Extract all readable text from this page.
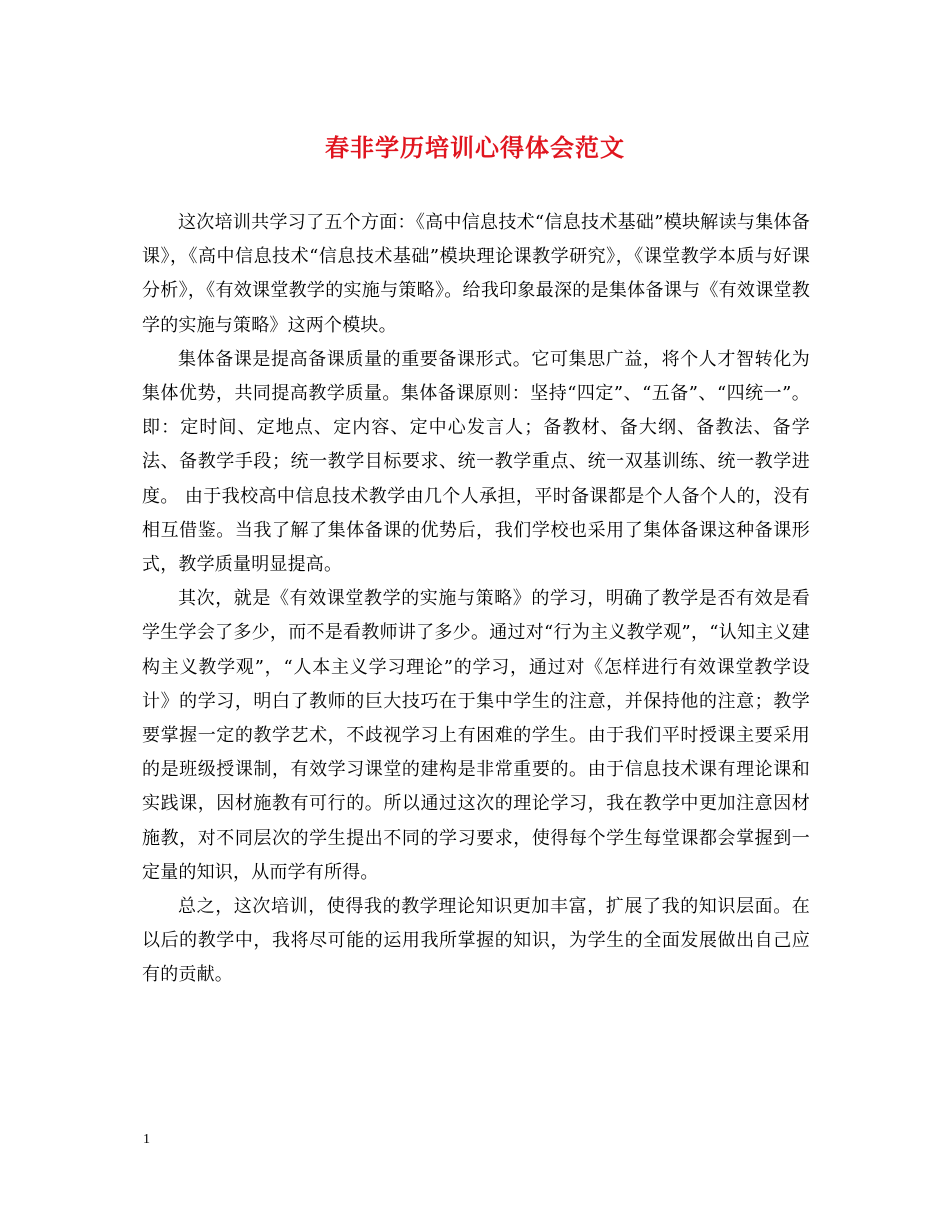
春非学历培训心得体会范文

这次培训共学习了五个方面：《高中信息技术“信息技术基础”模块解读与集体备课》，《高中信息技术“信息技术基础”模块理论课教学研究》，《课堂教学本质与好课分析》，《有效课堂教学的实施与策略》。给我印象最深的是集体备课与《有效课堂教学的实施与策略》这两个模块。

集体备课是提高备课质量的重要备课形式。它可集思广益，将个人才智转化为集体优势，共同提高教学质量。集体备课原则：坚持“四定”、“五备”、“四统一”。即：定时间、定地点、定内容、定中心发言人；备教材、备大纲、备教法、备学法、备教学手段；统一教学目标要求、统一教学重点、统一双基训练、统一教学进度。 由于我校高中信息技术教学由几个人承担，平时备课都是个人备个人的，没有相互借鉴。当我了解了集体备课的优势后，我们学校也采用了集体备课这种备课形式，教学质量明显提高。

其次，就是《有效课堂教学的实施与策略》的学习，明确了教学是否有效是看学生学会了多少，而不是看教师讲了多少。通过对“行为主义教学观”，“认知主义建构主义教学观”，“人本主义学习理论”的学习，通过对《怎样进行有效课堂教学设计》的学习，明白了教师的巨大技巧在于集中学生的注意，并保持他的注意；教学要掌握一定的教学艺术，不歧视学习上有困难的学生。由于我们平时授课主要采用的是班级授课制，有效学习课堂的建构是非常重要的。由于信息技术课有理论课和实践课，因材施教有可行的。所以通过这次的理论学习，我在教学中更加注意因材施教，对不同层次的学生提出不同的学习要求，使得每个学生每堂课都会掌握到一定量的知识，从而学有所得。

总之，这次培训，使得我的教学理论知识更加丰富，扩展了我的知识层面。在以后的教学中，我将尽可能的运用我所掌握的知识，为学生的全面发展做出自己应有的贡献。

1
